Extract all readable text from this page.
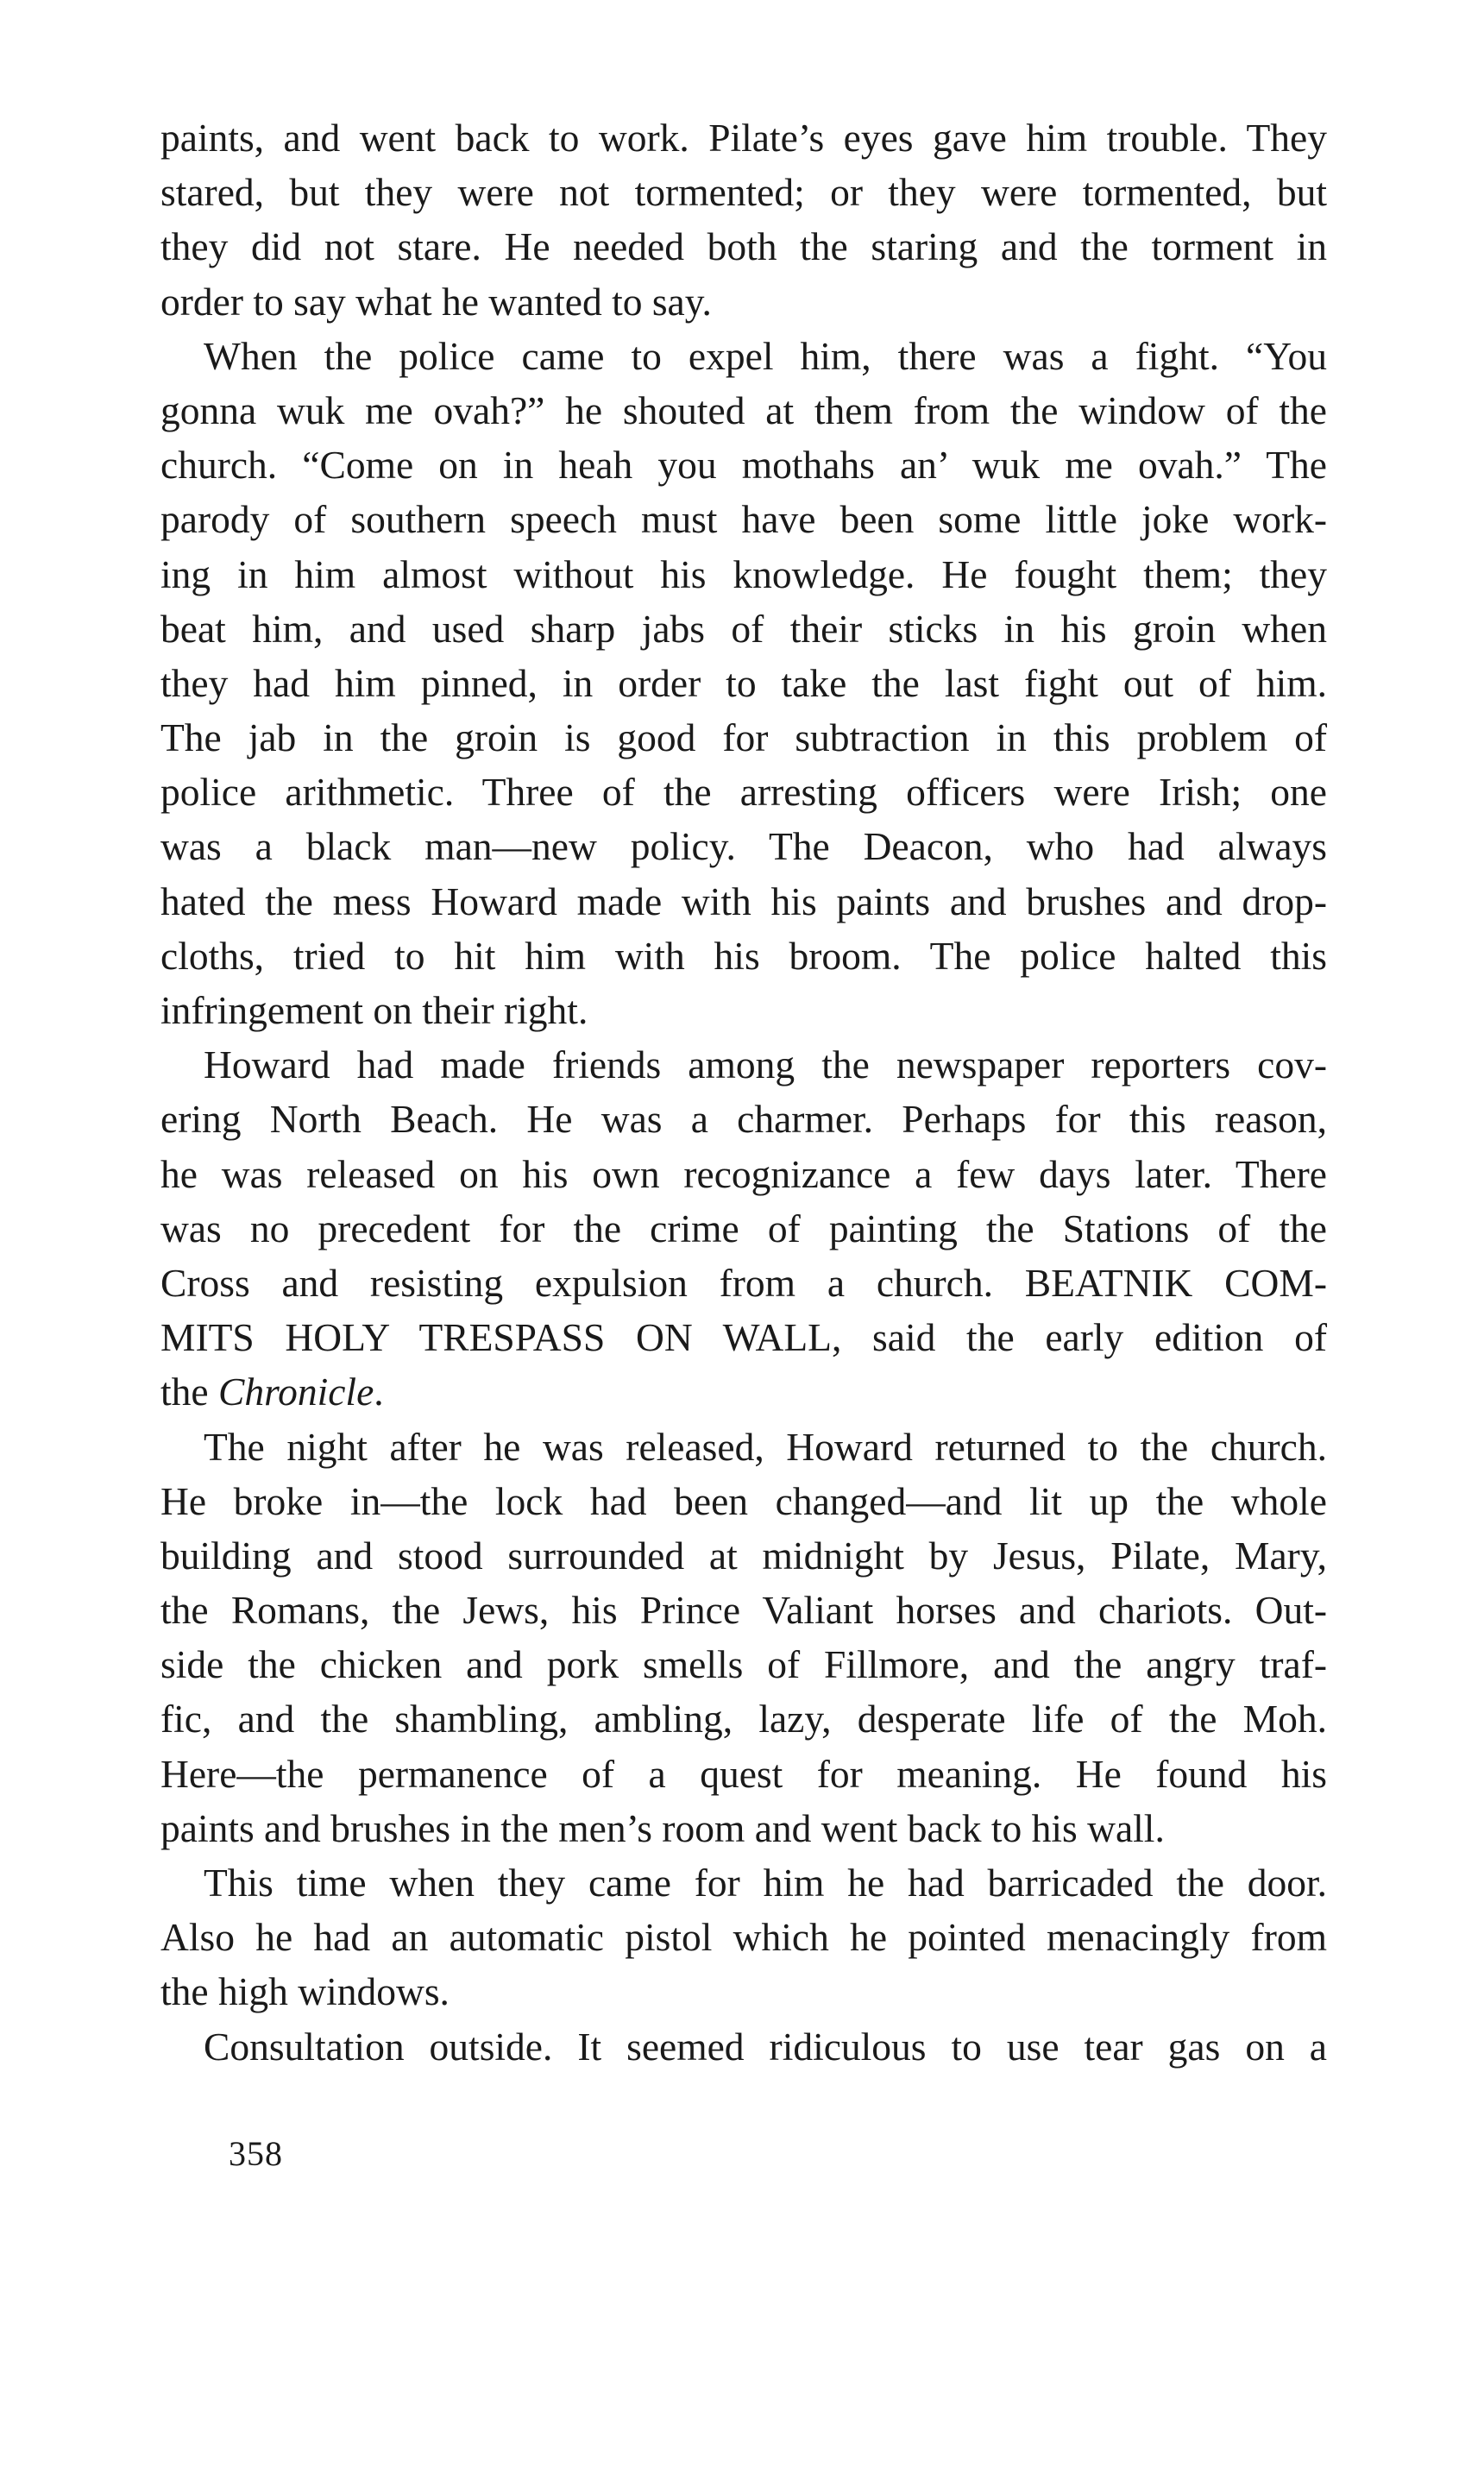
paints, and went back to work. Pilate’s eyes gave him trouble. They
stared, but they were not tormented; or they were tormented, but
they did not stare. He needed both the staring and the torment in
order to say what he wanted to say.

When the police came to expel him, there was a fight. “You
gonna wuk me ovah?” he shouted at them from the window of the
church. “Come on in heah you mothahs an’ wuk me ovah.” The
parody of southern speech must have been some little joke work-
ing in him almost without his knowledge. He fought them; they
beat him, and used sharp jabs of their sticks in his groin when
they had him pinned, in order to take the last fight out of him.
The jab in the groin is good for subtraction in this problem of
police arithmetic. Three of the arresting officers were Irish; one
was a black man—new policy. The Deacon, who had always
hated the mess Howard made with his paints and brushes and drop-
cloths, tried to hit him with his broom. The police halted this
infringement on their right.

Howard had made friends among the newspaper reporters cov-
ering North Beach. He was a charmer. Perhaps for this reason,
he was released on his own recognizance a few days later. There
was no precedent for the crime of painting the Stations of the
Cross and resisting expulsion from a church. BEATNIK COM-
MITS HOLY TRESPASS ON WALL, said the early edition of
the Chronicle.

The night after he was released, Howard returned to the church.
He broke in—the lock had been changed—and lit up the whole
building and stood surrounded at midnight by Jesus, Pilate, Mary,
the Romans, the Jews, his Prince Valiant horses and chariots. Out-
side the chicken and pork smells of Fillmore, and the angry traf-
fic, and the shambling, ambling, lazy, desperate life of the Moh.
Here—the permanence of a quest for meaning. He found his
paints and brushes in the men’s room and went back to his wall.

This time when they came for him he had barricaded the door.
Also he had an automatic pistol which he pointed menacingly from
the high windows.

Consultation outside. It seemed ridiculous to use tear gas on a

358
